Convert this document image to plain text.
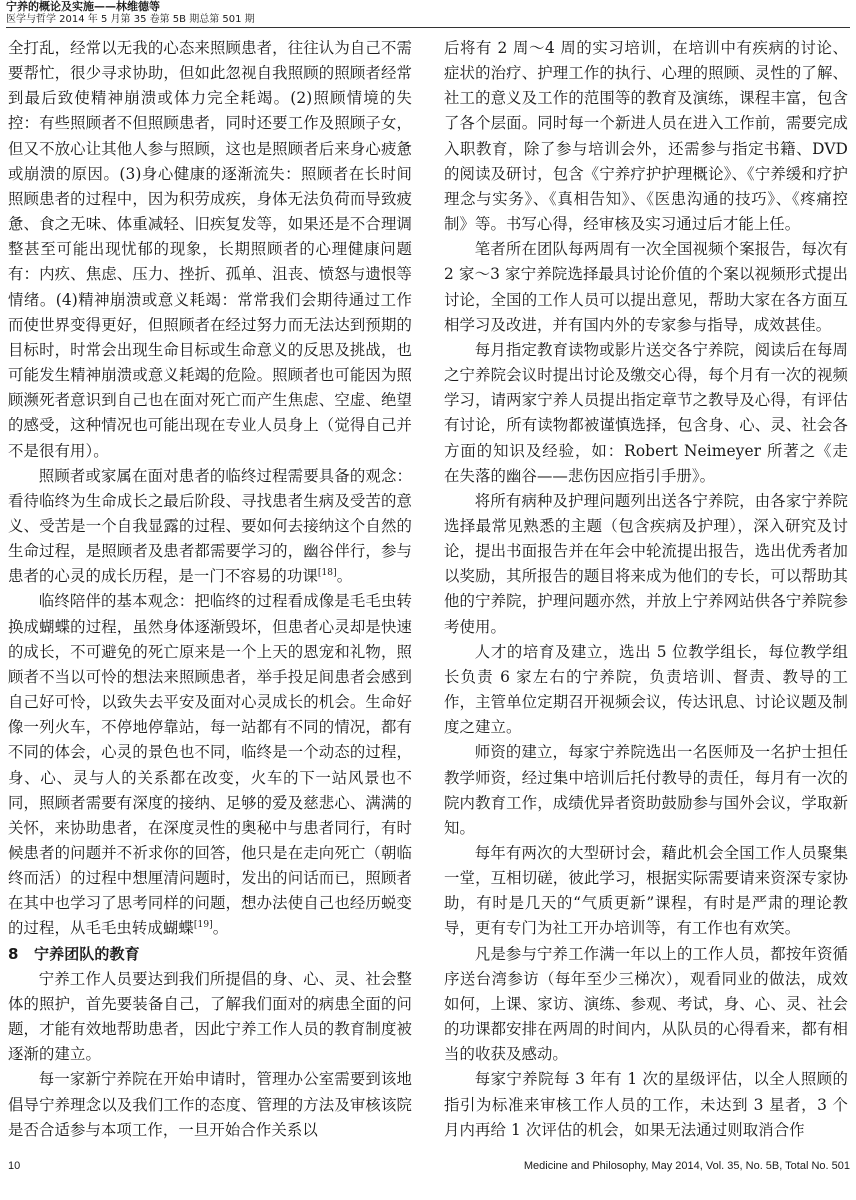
宁养的概论及实施——林维德等
医学与哲学 2014 年 5 月第 35 卷第 5B 期总第 501 期

全打乱，经常以无我的心态来照顾患者，往往认为自己不需要帮忙，很少寻求协助，但如此忽视自我照顾的照顾者经常到最后致使精神崩溃或体力完全耗竭。(2)照顾情境的失控：有些照顾者不但照顾患者，同时还要工作及照顾子女，但又不放心让其他人参与照顾，这也是照顾者后来身心疲惫或崩溃的原因。(3)身心健康的逐渐流失：照顾者在长时间照顾患者的过程中，因为积劳成疾，身体无法负荷而导致疲惫、食之无味、体重减轻、旧疾复发等，如果还是不合理调整甚至可能出现忧郁的现象，长期照顾者的心理健康问题有：内疚、焦虑、压力、挫折、孤单、沮丧、愤怒与遗恨等情绪。(4)精神崩溃或意义耗竭：常常我们会期待通过工作而使世界变得更好，但照顾者在经过努力而无法达到预期的目标时，时常会出现生命目标或生命意义的反思及挑战，也可能发生精神崩溃或意义耗竭的危险。照顾者也可能因为照顾濒死者意识到自己也在面对死亡而产生焦虑、空虚、绝望的感受，这种情况也可能出现在专业人员身上（觉得自己并不是很有用）。

照顾者或家属在面对患者的临终过程需要具备的观念：看待临终为生命成长之最后阶段、寻找患者生病及受苦的意义、受苦是一个自我显露的过程、要如何去接纳这个自然的生命过程，是照顾者及患者都需要学习的，幽谷伴行，参与患者的心灵的成长历程，是一门不容易的功课[18]。

临终陪伴的基本观念：把临终的过程看成像是毛毛虫转换成蝴蝶的过程，虽然身体逐渐毁坏，但患者心灵却是快速的成长，不可避免的死亡原来是一个上天的恩宠和礼物，照顾者不当以可怜的想法来照顾患者，举手投足间患者会感到自己好可怜，以致失去平安及面对心灵成长的机会。生命好像一列火车，不停地停靠站，每一站都有不同的情况，都有不同的体会，心灵的景色也不同，临终是一个动态的过程，身、心、灵与人的关系都在改变，火车的下一站风景也不同，照顾者需要有深度的接纳、足够的爱及慈悲心、满满的关怀，来协助患者，在深度灵性的奥秘中与患者同行，有时候患者的问题并不祈求你的回答，他只是在走向死亡（朝临终而活）的过程中想厘清问题时，发出的问话而已，照顾者在其中也学习了思考同样的问题，想办法使自己也经历蜕变的过程，从毛毛虫转成蝴蝶[19]。

8 宁养团队的教育

宁养工作人员要达到我们所提倡的身、心、灵、社会整体的照护，首先要装备自己，了解我们面对的病患全面的问题，才能有效地帮助患者，因此宁养工作人员的教育制度被逐渐的建立。

每一家新宁养院在开始申请时，管理办公室需要到该地倡导宁养理念以及我们工作的态度、管理的方法及审核该院是否合适参与本项工作，一旦开始合作关系以

后将有 2 周～4 周的实习培训，在培训中有疾病的讨论、症状的治疗、护理工作的执行、心理的照顾、灵性的了解、社工的意义及工作的范围等的教育及演练，课程丰富，包含了各个层面。同时每一个新进人员在进入工作前，需要完成入职教育，除了参与培训会外，还需参与指定书籍、DVD 的阅读及研讨，包含《宁养疗护护理概论》、《宁养缓和疗护理念与实务》、《真相告知》、《医患沟通的技巧》、《疼痛控制》等。书写心得，经审核及实习通过后才能上任。

笔者所在团队每两周有一次全国视频个案报告，每次有 2 家～3 家宁养院选择最具讨论价值的个案以视频形式提出讨论，全国的工作人员可以提出意见，帮助大家在各方面互相学习及改进，并有国内外的专家参与指导，成效甚佳。

每月指定教育读物或影片送交各宁养院，阅读后在每周之宁养院会议时提出讨论及缴交心得，每个月有一次的视频学习，请两家宁养人员提出指定章节之教导及心得，有评估有讨论，所有读物都被谨慎选择，包含身、心、灵、社会各方面的知识及经验，如：Robert Neimeyer 所著之《走在失落的幽谷——悲伤因应指引手册》。

将所有病种及护理问题列出送各宁养院，由各家宁养院选择最常见熟悉的主题（包含疾病及护理），深入研究及讨论，提出书面报告并在年会中轮流提出报告，选出优秀者加以奖励，其所报告的题目将来成为他们的专长，可以帮助其他的宁养院，护理问题亦然，并放上宁养网站供各宁养院参考使用。

人才的培育及建立，选出 5 位教学组长，每位教学组长负责 6 家左右的宁养院，负责培训、督责、教导的工作，主管单位定期召开视频会议，传达讯息、讨论议题及制度之建立。

师资的建立，每家宁养院选出一名医师及一名护士担任教学师资，经过集中培训后托付教导的责任，每月有一次的院内教育工作，成绩优异者资助鼓励参与国外会议，学取新知。

每年有两次的大型研讨会，藉此机会全国工作人员聚集一堂，互相切磋，彼此学习，根据实际需要请来资深专家协助，有时是几天的“气质更新”课程，有时是严肃的理论教导，更有专门为社工开办培训等，有工作也有欢笑。

凡是参与宁养工作满一年以上的工作人员，都按年资循序送台湾参访（每年至少三梯次），观看同业的做法，成效如何，上课、家访、演练、参观、考试，身、心、灵、社会的功课都安排在两周的时间内，从队员的心得看来，都有相当的收获及感动。

每家宁养院每 3 年有 1 次的星级评估，以全人照顾的指引为标准来审核工作人员的工作，未达到 3 星者，3 个月内再给 1 次评估的机会，如果无法通过则取消合作

10	Medicine and Philosophy, May 2014, Vol. 35, No. 5B, Total No. 501
